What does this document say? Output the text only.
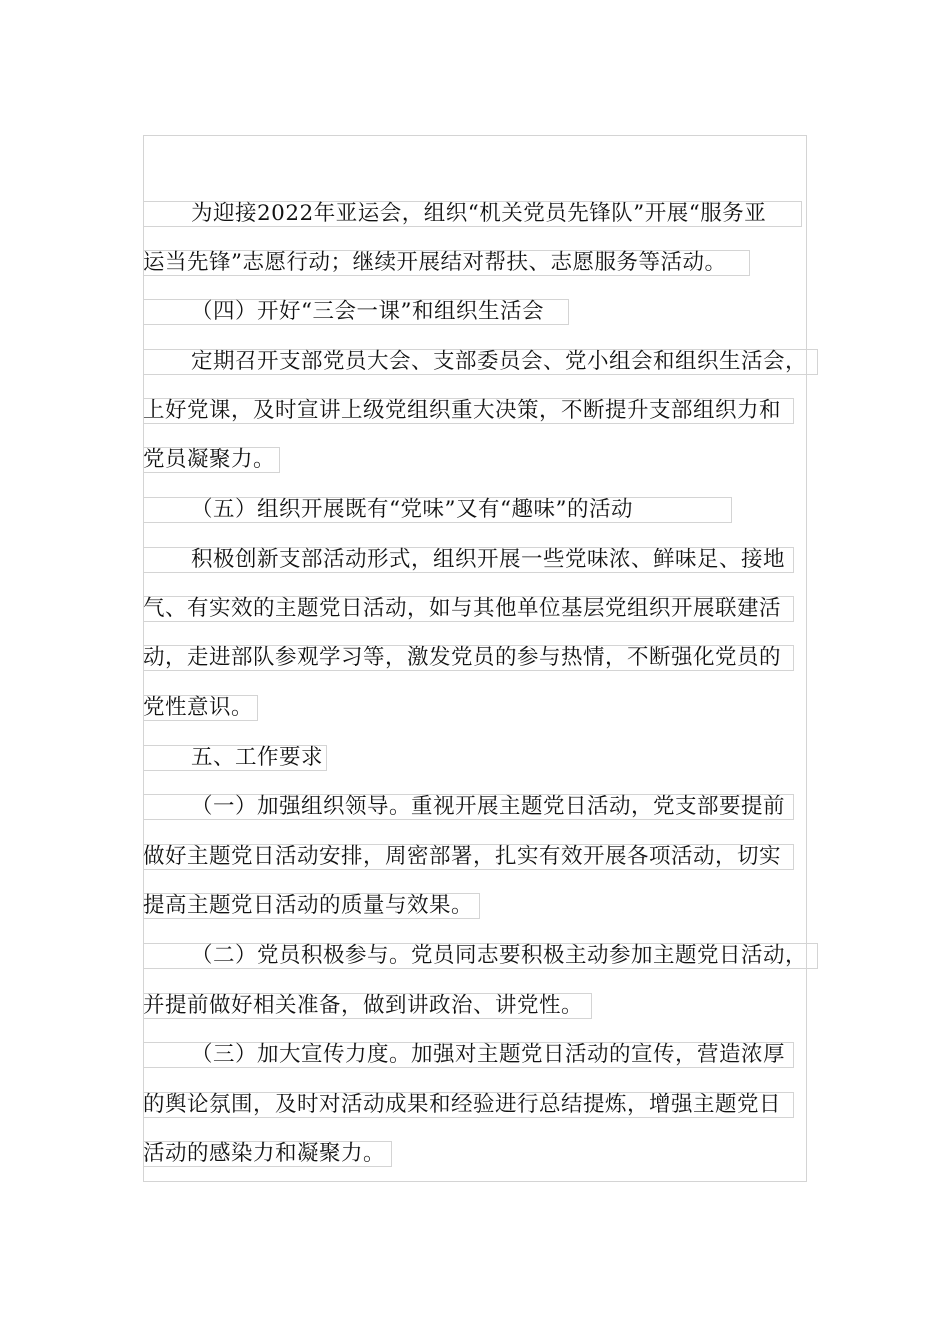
为迎接2022年亚运会，组织“机关党员先锋队”开展“服务亚
运当先锋”志愿行动；继续开展结对帮扶、志愿服务等活动。
（四）开好“三会一课”和组织生活会
定期召开支部党员大会、支部委员会、党小组会和组织生活会，
上好党课，及时宣讲上级党组织重大决策，不断提升支部组织力和
党员凝聚力。
（五）组织开展既有“党味”又有“趣味”的活动
积极创新支部活动形式，组织开展一些党味浓、鲜味足、接地
气、有实效的主题党日活动，如与其他单位基层党组织开展联建活
动，走进部队参观学习等，激发党员的参与热情，不断强化党员的
党性意识。
五、工作要求
（一）加强组织领导。重视开展主题党日活动，党支部要提前
做好主题党日活动安排，周密部署，扎实有效开展各项活动，切实
提高主题党日活动的质量与效果。
（二）党员积极参与。党员同志要积极主动参加主题党日活动，
并提前做好相关准备，做到讲政治、讲党性。
（三）加大宣传力度。加强对主题党日活动的宣传，营造浓厚
的舆论氛围，及时对活动成果和经验进行总结提炼，增强主题党日
活动的感染力和凝聚力。
